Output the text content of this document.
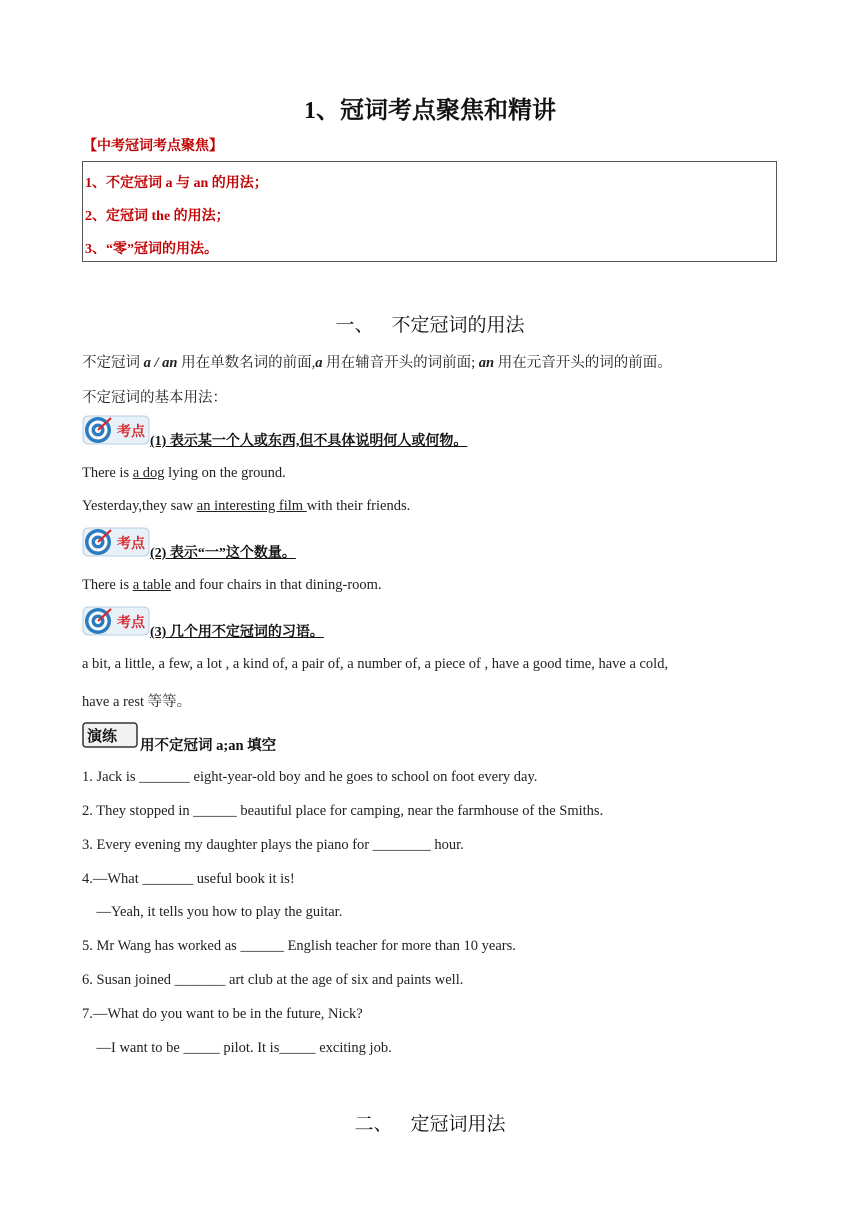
1、冠词考点聚焦和精讲
【中考冠词考点聚焦】
1、不定冠词 a 与 an 的用法；
2、定冠词 the 的用法；
3、“零”冠词的用法。
一、 不定冠词的用法
不定冠词 a / an 用在单数名词的前面,a 用在辅音开头的词前面; an 用在元音开头的词的前面。
不定冠词的基本用法：
考点
(1) 表示某一个人或东西,但不具体说明何人或何物。
There is a dog lying on the ground.
Yesterday,they saw an interesting film with their friends.
考点
(2) 表示“一”这个数量。
There is a table and four chairs in that dining-room.
考点
(3) 几个用不定冠词的习语。
a bit, a little, a few, a lot , a kind of, a pair of, a number of, a piece of , have a good time, have a cold,
have a rest 等等。
演练
用不定冠词 a;an 填空
1. Jack is _______ eight-year-old boy and he goes to school on foot every day.
2. They stopped in ______ beautiful place for camping, near the farmhouse of the Smiths.
3. Every evening my daughter plays the piano for ________ hour.
4.—What _______ useful book it is!
—Yeah, it tells you how to play the guitar.
5. Mr Wang has worked as ______ English teacher for more than 10 years.
6. Susan joined _______ art club at the age of six and paints well.
7.—What do you want to be in the future, Nick?
—I want to be _____ pilot. It is_____ exciting job.
二、 定冠词用法
